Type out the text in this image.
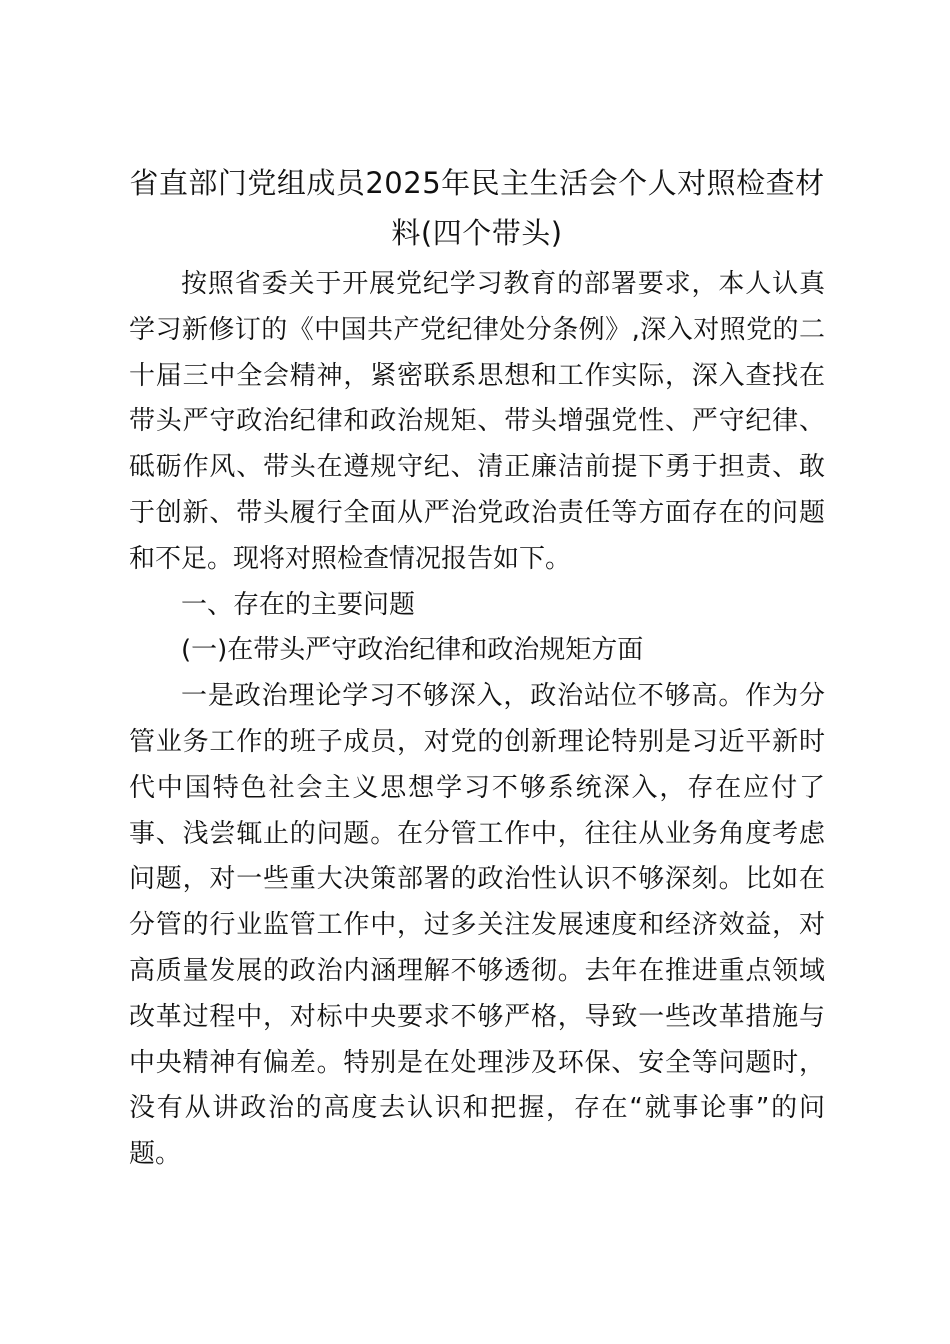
省直部门党组成员2025年民主生活会个人对照检查材料(四个带头)

按照省委关于开展党纪学习教育的部署要求，本人认真学习新修订的《中国共产党纪律处分条例》,深入对照党的二十届三中全会精神，紧密联系思想和工作实际，深入查找在带头严守政治纪律和政治规矩、带头增强党性、严守纪律、砥砺作风、带头在遵规守纪、清正廉洁前提下勇于担责、敢于创新、带头履行全面从严治党政治责任等方面存在的问题和不足。现将对照检查情况报告如下。

一、存在的主要问题

(一)在带头严守政治纪律和政治规矩方面

一是政治理论学习不够深入，政治站位不够高。作为分管业务工作的班子成员，对党的创新理论特别是习近平新时代中国特色社会主义思想学习不够系统深入，存在应付了事、浅尝辄止的问题。在分管工作中，往往从业务角度考虑问题，对一些重大决策部署的政治性认识不够深刻。比如在分管的行业监管工作中，过多关注发展速度和经济效益，对高质量发展的政治内涵理解不够透彻。去年在推进重点领域改革过程中，对标中央要求不够严格，导致一些改革措施与中央精神有偏差。特别是在处理涉及环保、安全等问题时，没有从讲政治的高度去认识和把握，存在“就事论事”的问题。
